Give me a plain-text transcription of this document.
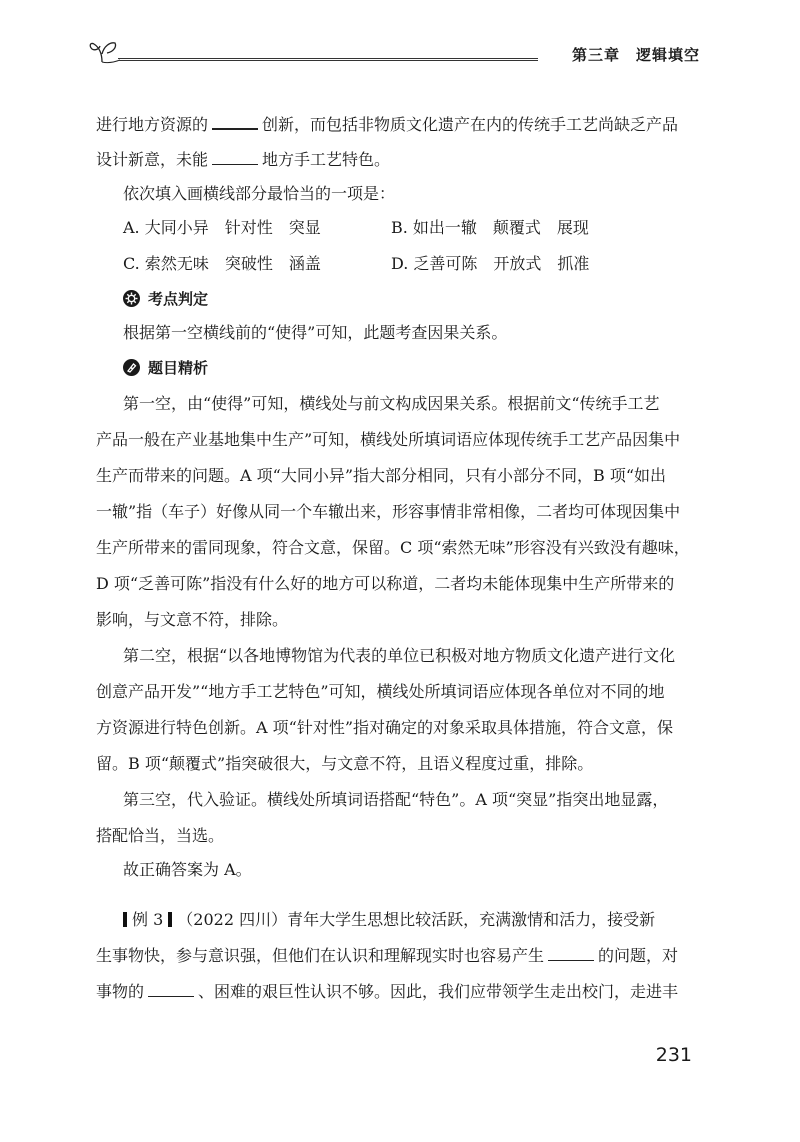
第三章　 逻辑填空
进行地方资源的	创新，而包括非物质文化遗产在内的传统手工艺尚缺乏产品
设计新意，未能	地方手工艺特色。
依次填入画横线部分最恰当的一项是：
A. 大同小异　针对性　突显	B. 如出一辙　颠覆式　展现
C. 索然无味　突破性　涵盖	D. 乏善可陈　开放式　抓准
考点判定
根据第一空横线前的“使得”可知，此题考查因果关系。
题目精析
第一空，由“使得”可知，横线处与前文构成因果关系。根据前文“传统手工艺
产品一般在产业基地集中生产”可知，横线处所填词语应体现传统手工艺产品因集中
生产而带来的问题。A 项“大同小异”指大部分相同，只有小部分不同，B 项“如出
一辙”指（车子）好像从同一个车辙出来，形容事情非常相像，二者均可体现因集中
生产所带来的雷同现象，符合文意，保留。C 项“索然无味”形容没有兴致没有趣味，
D 项“乏善可陈”指没有什么好的地方可以称道，二者均未能体现集中生产所带来的
影响，与文意不符，排除。
第二空，根据“以各地博物馆为代表的单位已积极对地方物质文化遗产进行文化
创意产品开发”“地方手工艺特色”可知，横线处所填词语应体现各单位对不同的地
方资源进行特色创新。A 项“针对性”指对确定的对象采取具体措施，符合文意，保
留。B 项“颠覆式”指突破很大，与文意不符，且语义程度过重，排除。
第三空，代入验证。横线处所填词语搭配“特色”。A 项“突显”指突出地显露，
搭配恰当，当选。
故正确答案为 A。
例 3 （2022 四川）青年大学生思想比较活跃，充满激情和活力，接受新
生事物快，参与意识强，但他们在认识和理解现实时也容易产生	的问题，对
事物的	、困难的艰巨性认识不够。因此，我们应带领学生走出校门，走进丰
231
